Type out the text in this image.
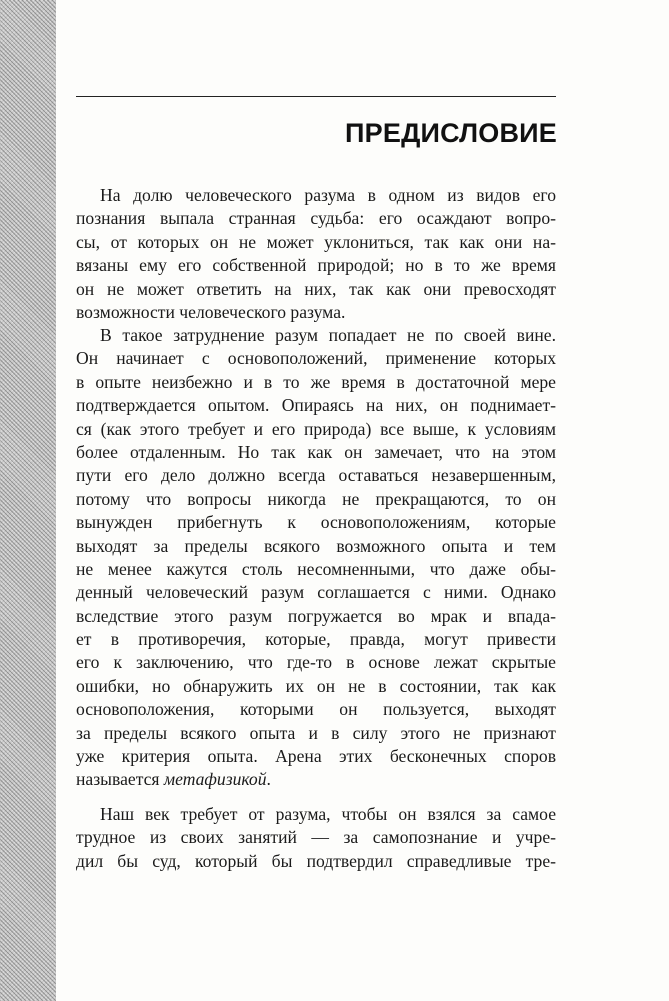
ПРЕДИСЛОВИЕ
На долю человеческого разума в одном из видов его
познания выпала странная судьба: его осаждают вопро-
сы, от которых он не может уклониться, так как они на-
вязаны ему его собственной природой; но в то же время
он не может ответить на них, так как они превосходят
возможности человеческого разума.
В такое затруднение разум попадает не по своей вине.
Он начинает с основоположений, применение которых
в опыте неизбежно и в то же время в достаточной мере
подтверждается опытом. Опираясь на них, он поднимает-
ся (как этого требует и его природа) все выше, к условиям
более отдаленным. Но так как он замечает, что на этом
пути его дело должно всегда оставаться незавершенным,
потому что вопросы никогда не прекращаются, то он
вынужден прибегнуть к основоположениям, которые
выходят за пределы всякого возможного опыта и тем
не менее кажутся столь несомненными, что даже обы-
денный человеческий разум соглашается с ними. Однако
вследствие этого разум погружается во мрак и впада-
ет в противоречия, которые, правда, могут привести
его к заключению, что где-то в основе лежат скрытые
ошибки, но обнаружить их он не в состоянии, так как
основоположения, которыми он пользуется, выходят
за пределы всякого опыта и в силу этого не признают
уже критерия опыта. Арена этих бесконечных споров
называется метафизикой.
Наш век требует от разума, чтобы он взялся за самое
трудное из своих занятий — за самопознание и учре-
дил бы суд, который бы подтвердил справедливые тре-
